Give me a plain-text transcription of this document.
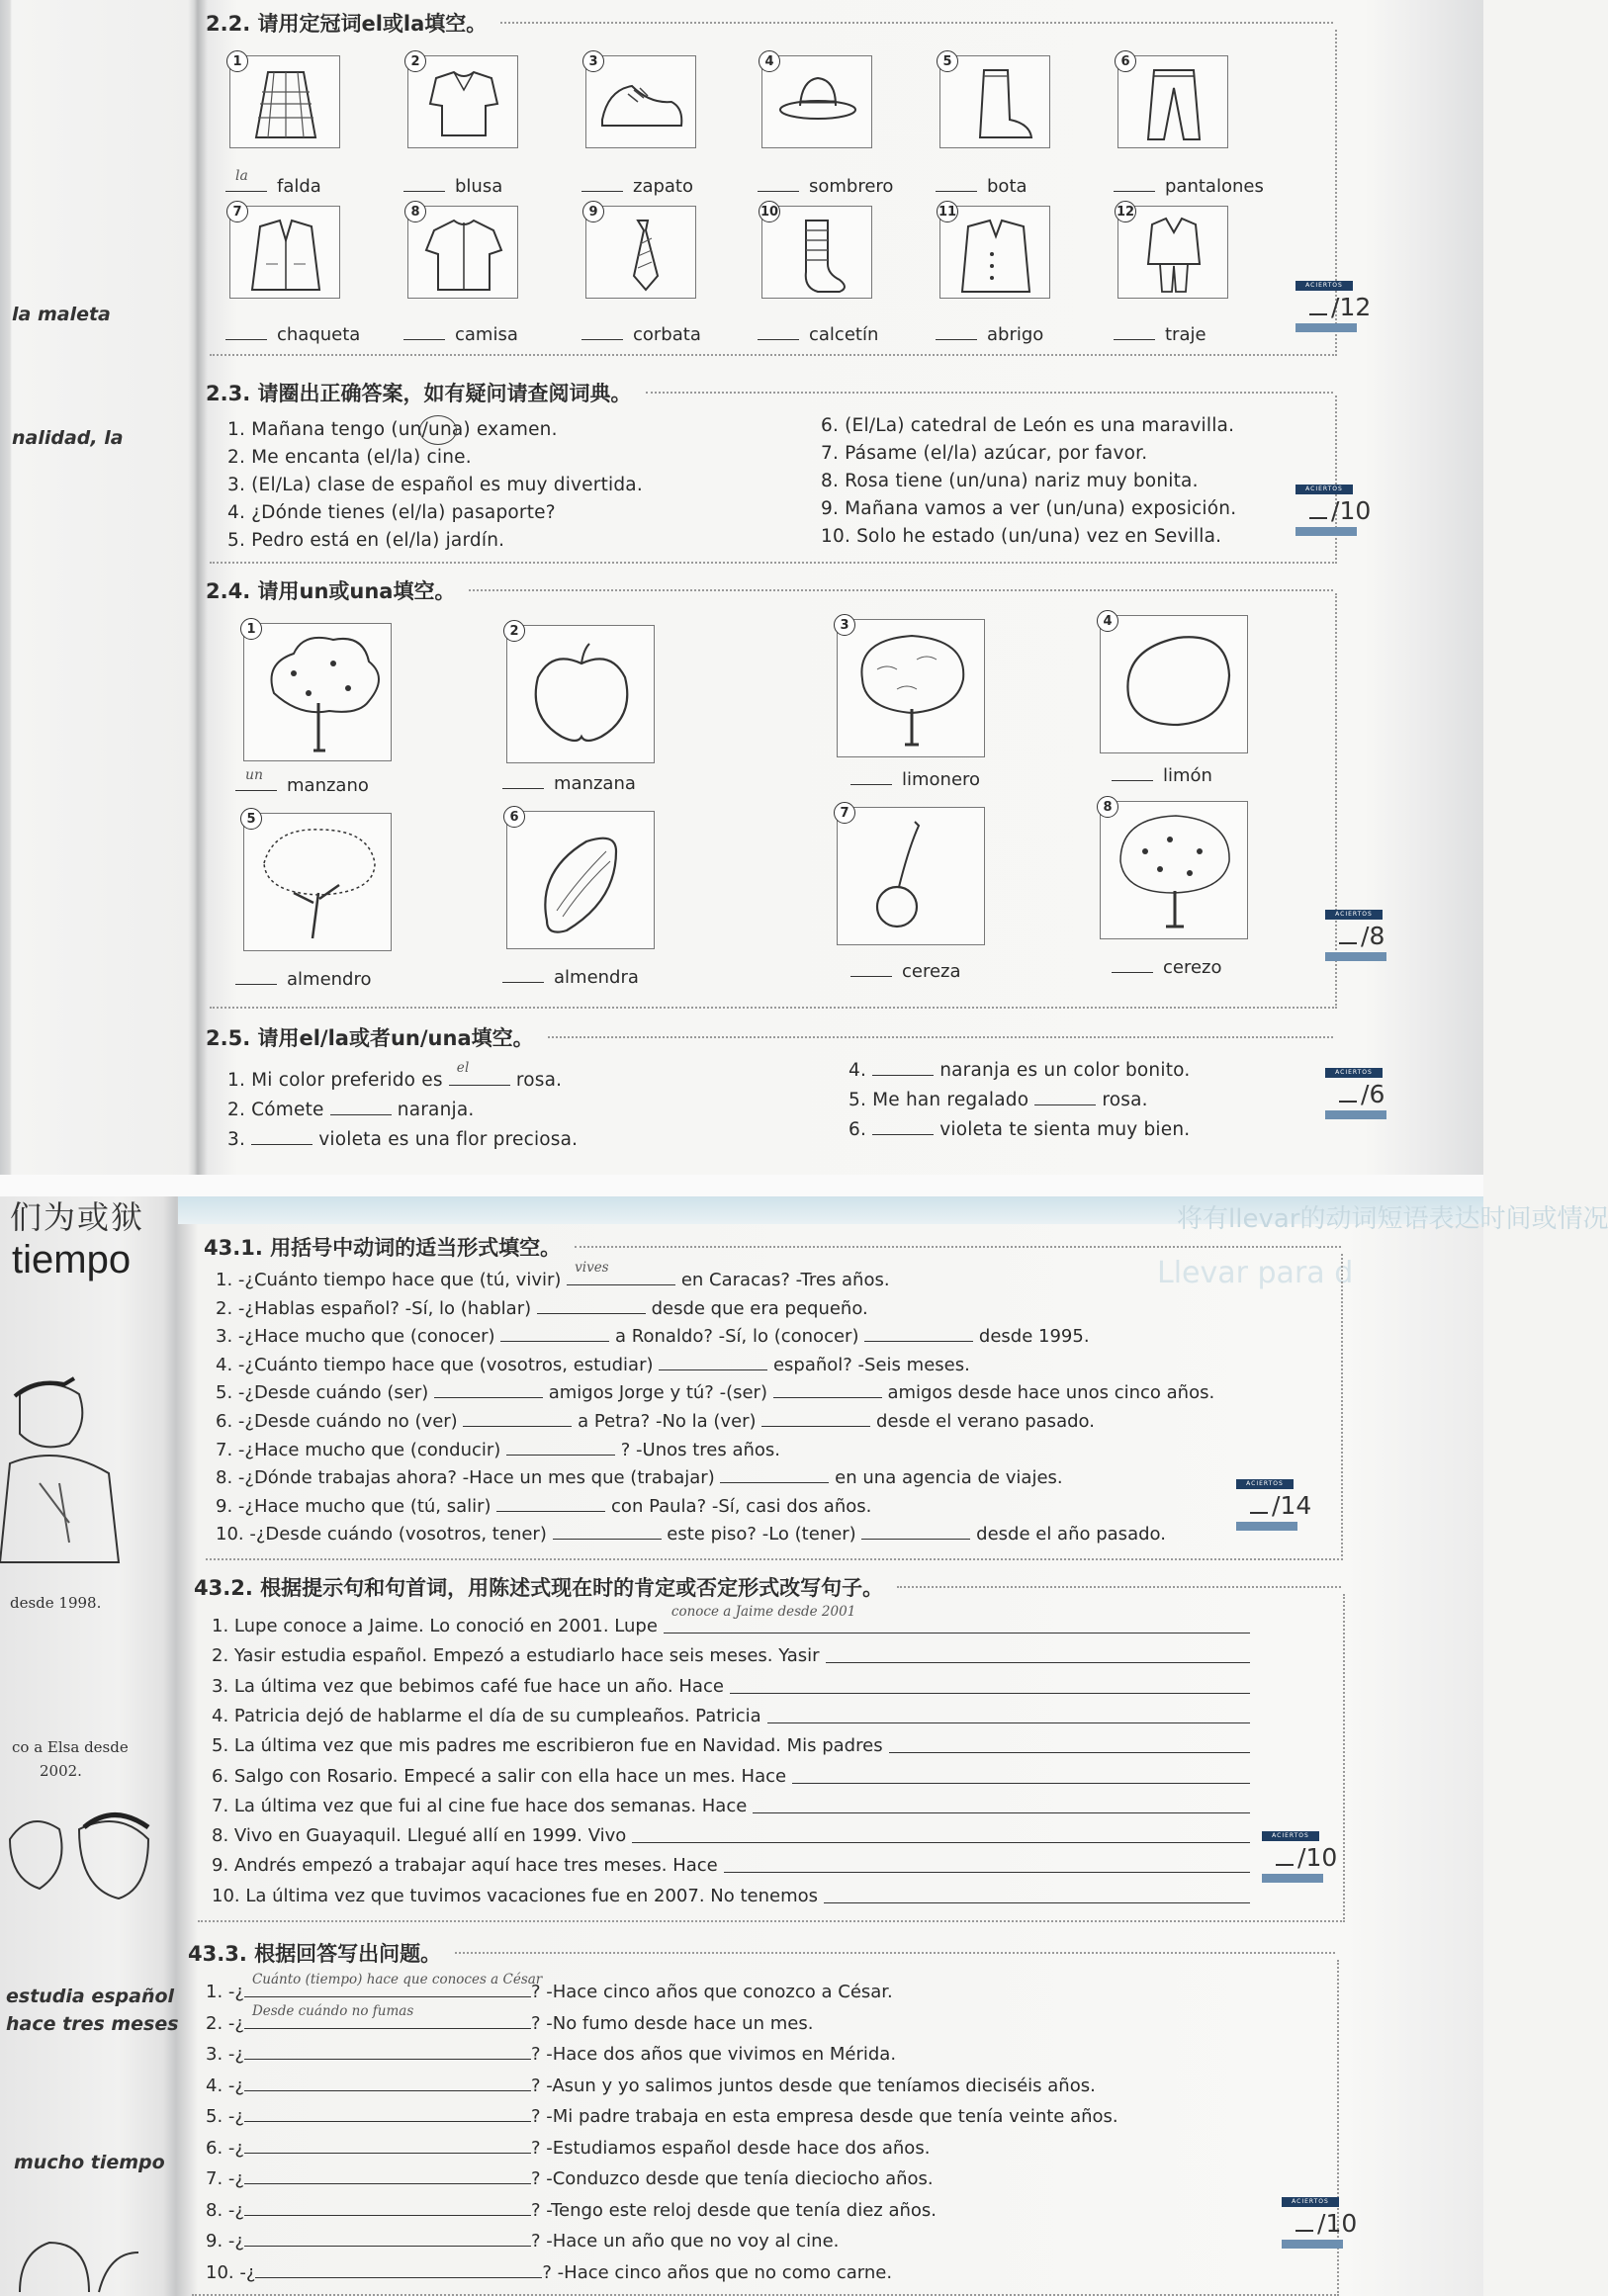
la maleta
nalidad, la
2.2. 请用定冠词el或la填空。
1
la falda
2
blusa
3
zapato
4
sombrero
5
bota
6
pantalones
7
chaqueta
8
camisa
9
corbata
10
calcetín
11
abrigo
12
traje
ACIERTOS
/12
2.3. 请圈出正确答案，如有疑问请查阅词典。
1. Mañana tengo (un/una) examen.
2. Me encanta (el/la) cine.
3. (El/La) clase de español es muy divertida.
4. ¿Dónde tienes (el/la) pasaporte?
5. Pedro está en (el/la) jardín.
6. (El/La) catedral de León es una maravilla.
7. Pásame (el/la) azúcar, por favor.
8. Rosa tiene (un/una) nariz muy bonita.
9. Mañana vamos a ver (un/una) exposición.
10. Solo he estado (un/una) vez en Sevilla.
ACIERTOS
/10
2.4. 请用un或una填空。
1
un manzano
2
manzana
3
limonero
4
limón
5
almendro
6
almendra
7
cereza
8
cerezo
ACIERTOS
/8
2.5. 请用el/la或者un/una填空。
1. Mi color preferido es
el
rosa.
2. Cómete	naranja.
3.	violeta es una flor preciosa.
4.	naranja es un color bonito.
5. Me han regalado	rosa.
6.	violeta te sienta muy bien.
ACIERTOS
/6
将有llevar的动词短语表达时间或情况
Llevar para d
们为或狱
tiempo
desde 1998.
co a Elsa desde
2002.
estudia español
hace tres meses
mucho tiempo
43.1. 用括号中动词的适当形式填空。
1. -¿Cuánto tiempo hace que (tú, vivir)
vives
en Caracas? -Tres años.
2. -¿Hablas español? -Sí, lo (hablar)	desde que era pequeño.
3. -¿Hace mucho que (conocer)	a Ronaldo? -Sí, lo (conocer)	desde 1995.
4. -¿Cuánto tiempo hace que (vosotros, estudiar)	español? -Seis meses.
5. -¿Desde cuándo (ser)	amigos Jorge y tú? -(ser)	amigos desde hace unos cinco años.
6. -¿Desde cuándo no (ver)	a Petra? -No la (ver)	desde el verano pasado.
7. -¿Hace mucho que (conducir)	? -Unos tres años.
8. -¿Dónde trabajas ahora? -Hace un mes que (trabajar)	en una agencia de viajes.
9. -¿Hace mucho que (tú, salir)	con Paula? -Sí, casi dos años.
10. -¿Desde cuándo (vosotros, tener)	este piso? -Lo (tener)	desde el año pasado.
ACIERTOS
/14
43.2. 根据提示句和句首词，用陈述式现在时的肯定或否定形式改写句子。
1. Lupe conoce a Jaime. Lo conoció en 2001. Lupe
conoce a Jaime desde 2001
2. Yasir estudia español. Empezó a estudiarlo hace seis meses. Yasir
3. La última vez que bebimos café fue hace un año. Hace
4. Patricia dejó de hablarme el día de su cumpleaños. Patricia
5. La última vez que mis padres me escribieron fue en Navidad. Mis padres
6. Salgo con Rosario. Empecé a salir con ella hace un mes. Hace
7. La última vez que fui al cine fue hace dos semanas. Hace
8. Vivo en Guayaquil. Llegué allí en 1999. Vivo
9. Andrés empezó a trabajar aquí hace tres meses. Hace
10. La última vez que tuvimos vacaciones fue en 2007. No tenemos
ACIERTOS
/10
43.3. 根据回答写出问题。
1. -¿
Cuánto (tiempo) hace que conoces a César
? -Hace cinco años que conozco a César.
2. -¿
Desde cuándo no fumas
? -No fumo desde hace un mes.
3. -¿	? -Hace dos años que vivimos en Mérida.
4. -¿	? -Asun y yo salimos juntos desde que teníamos dieciséis años.
5. -¿	? -Mi padre trabaja en esta empresa desde que tenía veinte años.
6. -¿	? -Estudiamos español desde hace dos años.
7. -¿	? -Conduzco desde que tenía dieciocho años.
8. -¿	? -Tengo este reloj desde que tenía diez años.
9. -¿	? -Hace un año que no voy al cine.
10. -¿	? -Hace cinco años que no como carne.
ACIERTOS
/10
